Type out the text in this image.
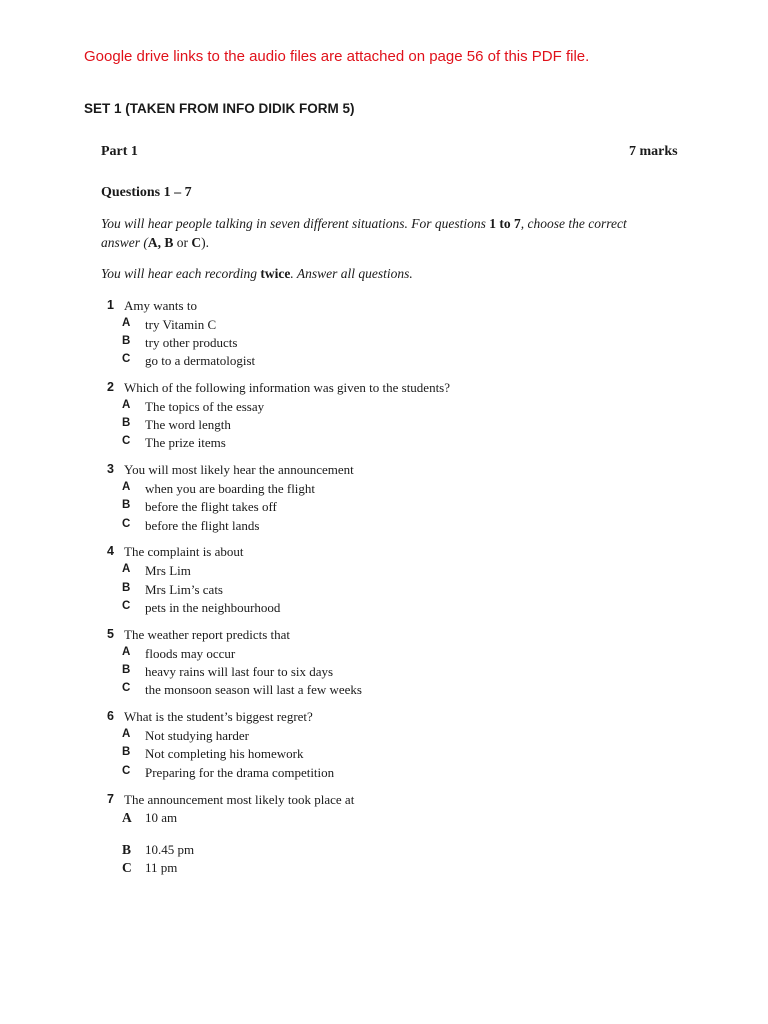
Google drive links to the audio files are attached on page 56 of this PDF file.
SET 1 (TAKEN FROM INFO DIDIK FORM 5)
Part 1	7 marks
Questions 1 – 7
You will hear people talking in seven different situations. For questions 1 to 7, choose the correct
answer (A, B or C).
You will hear each recording twice. Answer all questions.
1 Amy wants to
A try Vitamin C
B try other products
C go to a dermatologist
2 Which of the following information was given to the students?
A The topics of the essay
B The word length
C The prize items
3 You will most likely hear the announcement
A when you are boarding the flight
B before the flight takes off
C before the flight lands
4 The complaint is about
A Mrs Lim
B Mrs Lim’s cats
C pets in the neighbourhood
5 The weather report predicts that
A floods may occur
B heavy rains will last four to six days
C the monsoon season will last a few weeks
6 What is the student’s biggest regret?
A Not studying harder
B Not completing his homework
C Preparing for the drama competition
7 The announcement most likely took place at
A 10 am
B 10.45 pm
C 11 pm
